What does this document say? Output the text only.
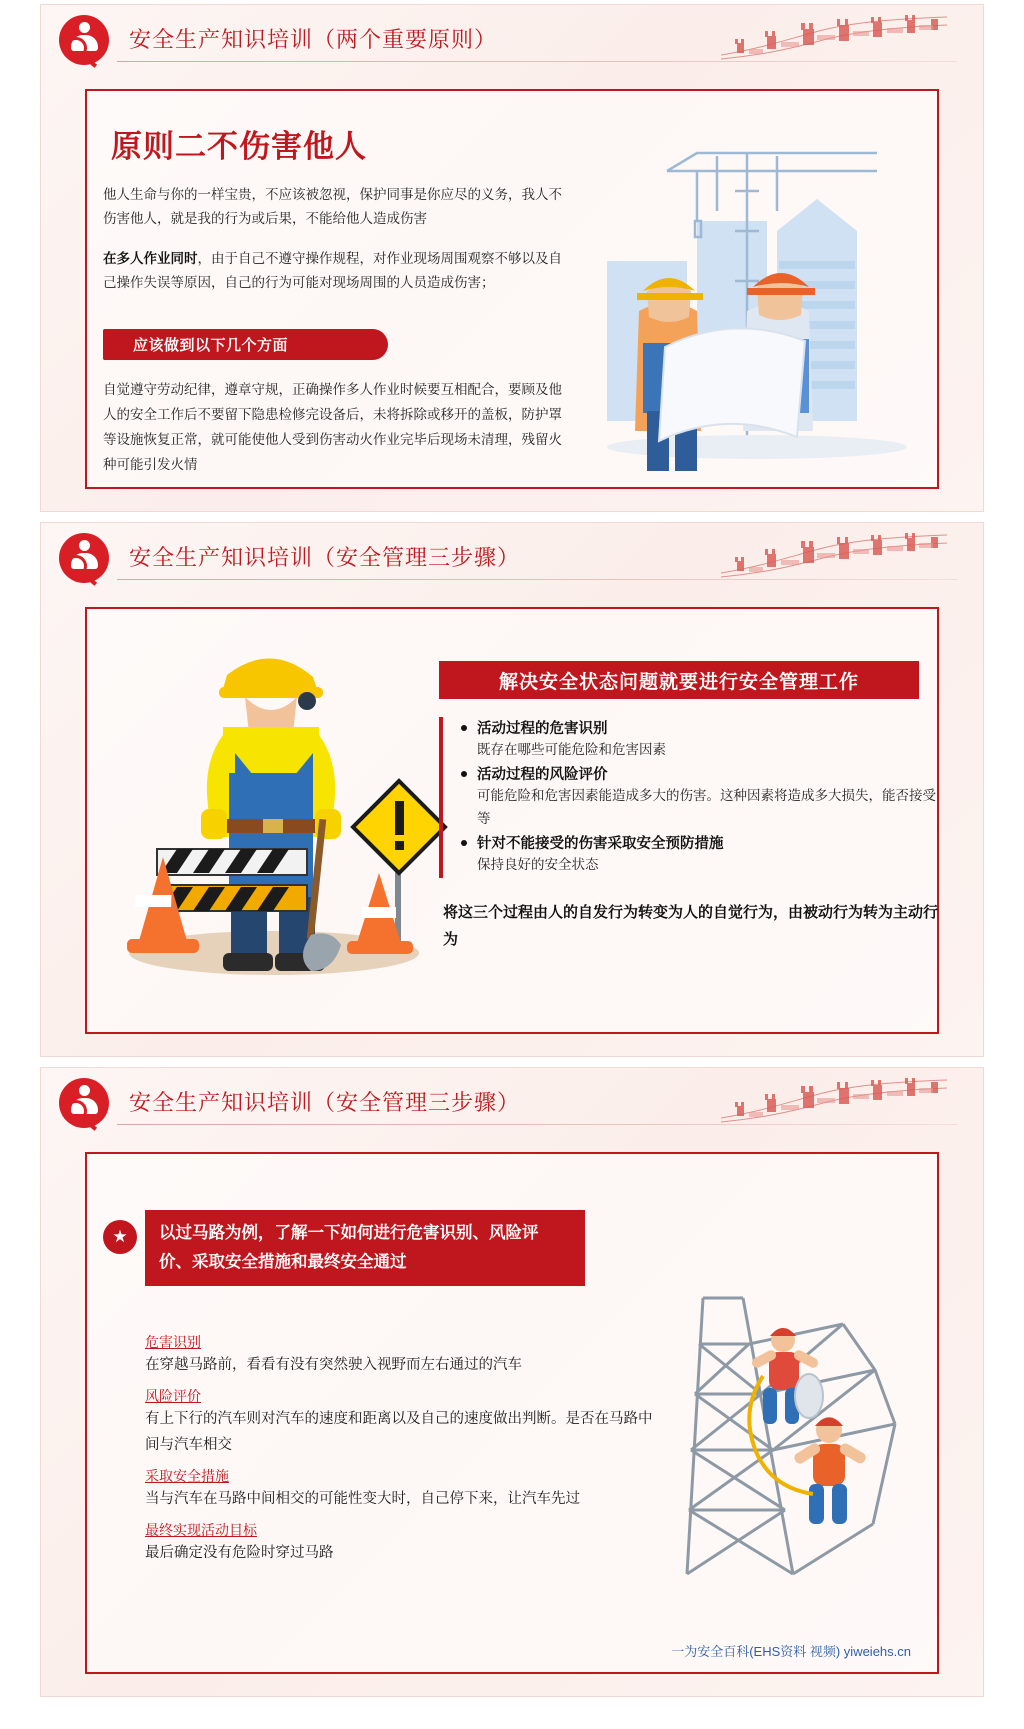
安全生产知识培训（两个重要原则）
原则二不伤害他人
他人生命与你的一样宝贵，不应该被忽视，保护同事是你应尽的义务，我人不伤害他人，就是我的行为或后果，不能给他人造成伤害
在多人作业同时，由于自己不遵守操作规程，对作业现场周围观察不够以及自己操作失误等原因，自己的行为可能对现场周围的人员造成伤害；
应该做到以下几个方面
自觉遵守劳动纪律，遵章守规，正确操作多人作业时候要互相配合，要顾及他人的安全工作后不要留下隐患检修完设备后，未将拆除或移开的盖板，防护罩等设施恢复正常，就可能使他人受到伤害动火作业完毕后现场未清理，残留火种可能引发火情
安全生产知识培训（安全管理三步骤）
解决安全状态问题就要进行安全管理工作
活动过程的危害识别
既存在哪些可能危险和危害因素
活动过程的风险评价
可能危险和危害因素能造成多大的伤害。这种因素将造成多大损失，能否接受等
针对不能接受的伤害采取安全预防措施
保持良好的安全状态
将这三个过程由人的自发行为转变为人的自觉行为，由被动行为转为主动行为
安全生产知识培训（安全管理三步骤）
★	以过马路为例，了解一下如何进行危害识别、风险评价、采取安全措施和最终安全通过
危害识别
在穿越马路前，看看有没有突然驶入视野而左右通过的汽车
风险评价
有上下行的汽车则对汽车的速度和距离以及自己的速度做出判断。是否在马路中间与汽车相交
采取安全措施
当与汽车在马路中间相交的可能性变大时，自己停下来，让汽车先过
最终实现活动目标
最后确定没有危险时穿过马路
一为安全百科(EHS资料 视频) yiweiehs.cn
